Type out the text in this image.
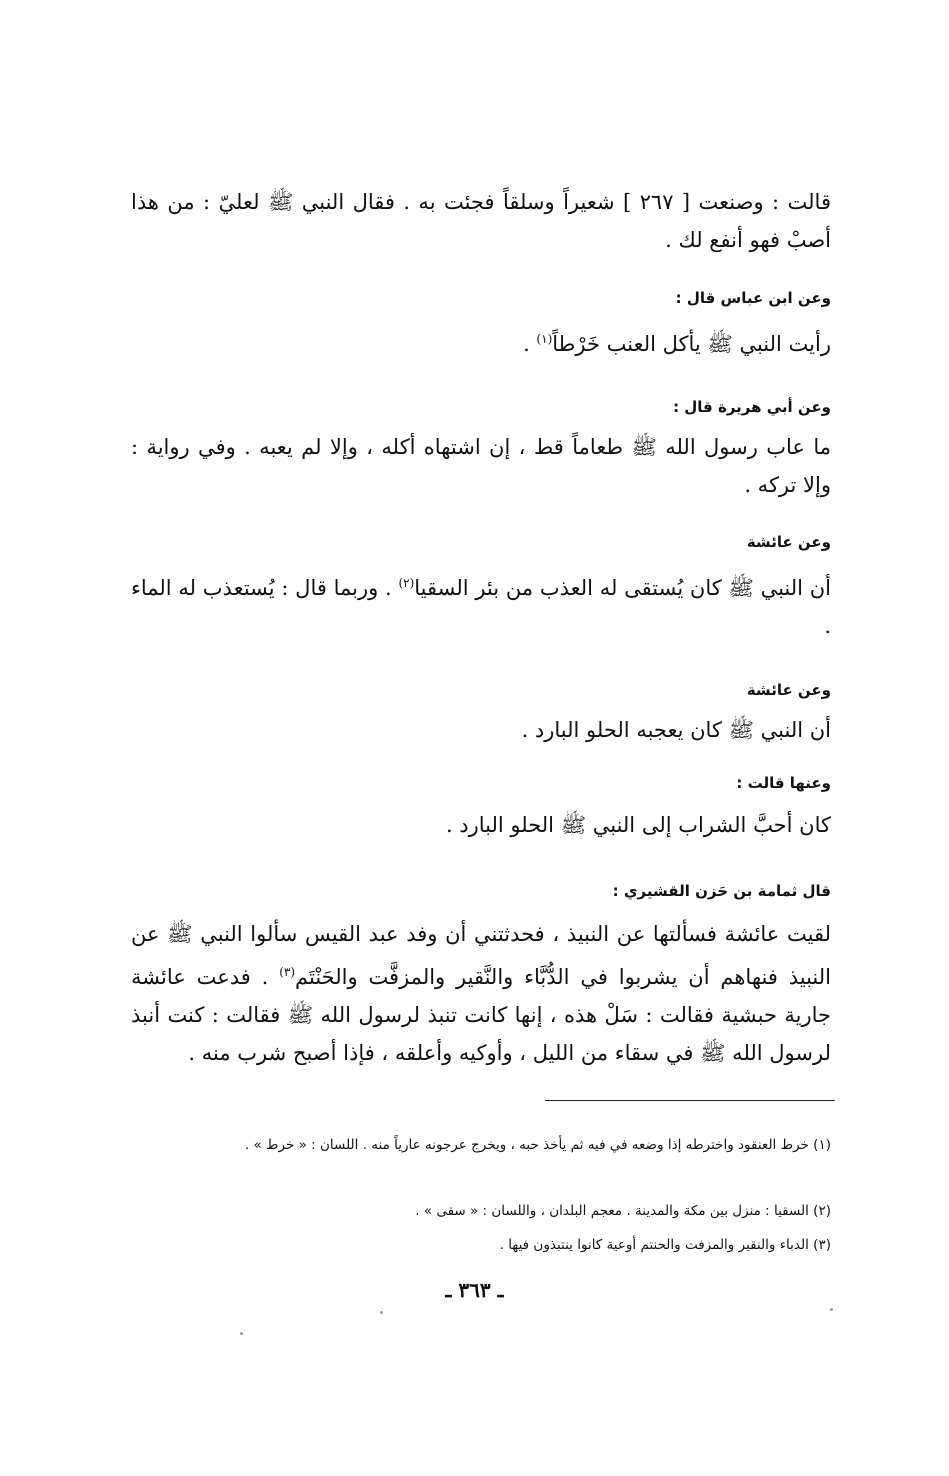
قالت : وصنعت [ ٢٦٧ ] شعيراً وسلقاً فجئت به . فقال النبي ﷺ لعليّ : من هذا أصبْ فهو أنفع لك .

وعن ابن عباس قال :

رأيت النبي ﷺ يأكل العنب خَرْطاً$^{(١)}$ .

وعن أبي هريرة قال :

ما عاب رسول الله ﷺ طعاماً قط ، إن اشتهاه أكله ، وإلا لم يعبه . وفي رواية : وإلا تركه .

وعن عائشة

أن النبي ﷺ كان يُستقى له العذب من بئر السقيا$^{(٢)}$ . وربما قال : يُستعذب له الماء .

وعن عائشة

أن النبي ﷺ كان يعجبه الحلو البارد .

وعنها قالت :

كان أحبَّ الشراب إلى النبي ﷺ الحلو البارد .

قال ثمامة بن حَزن القشيري :

لقيت عائشة فسألتها عن النبيذ ، فحدثتني أن وفد عبد القيس سألوا النبي ﷺ عن النبيذ فنهاهم أن يشربوا في الدُّبَّاء والنَّقير والمزفَّت والحَنْتَم$^{(٣)}$ . فدعت عائشة جارية حبشية فقالت : سَلْ هذه ، إنها كانت تنبذ لرسول الله ﷺ فقالت : كنت أنبذ لرسول الله ﷺ في سقاء من الليل ، وأوكيه وأعلقه ، فإذا أصبح شرب منه .

(١) خرط العنقود واخترطه إذا وضعه في فيه ثم يأخذ حبه ، ويخرج عرجونه عارياً منه . اللسان : « خرط » .

(٢) السقيا : منزل بين مكة والمدينة . معجم البلدان ، واللسان : « سقى » .

(٣) الدباء والنقير والمزفت والحنتم أوعية كانوا ينتبذون فيها .

ـ ٣٦٣ ـ
